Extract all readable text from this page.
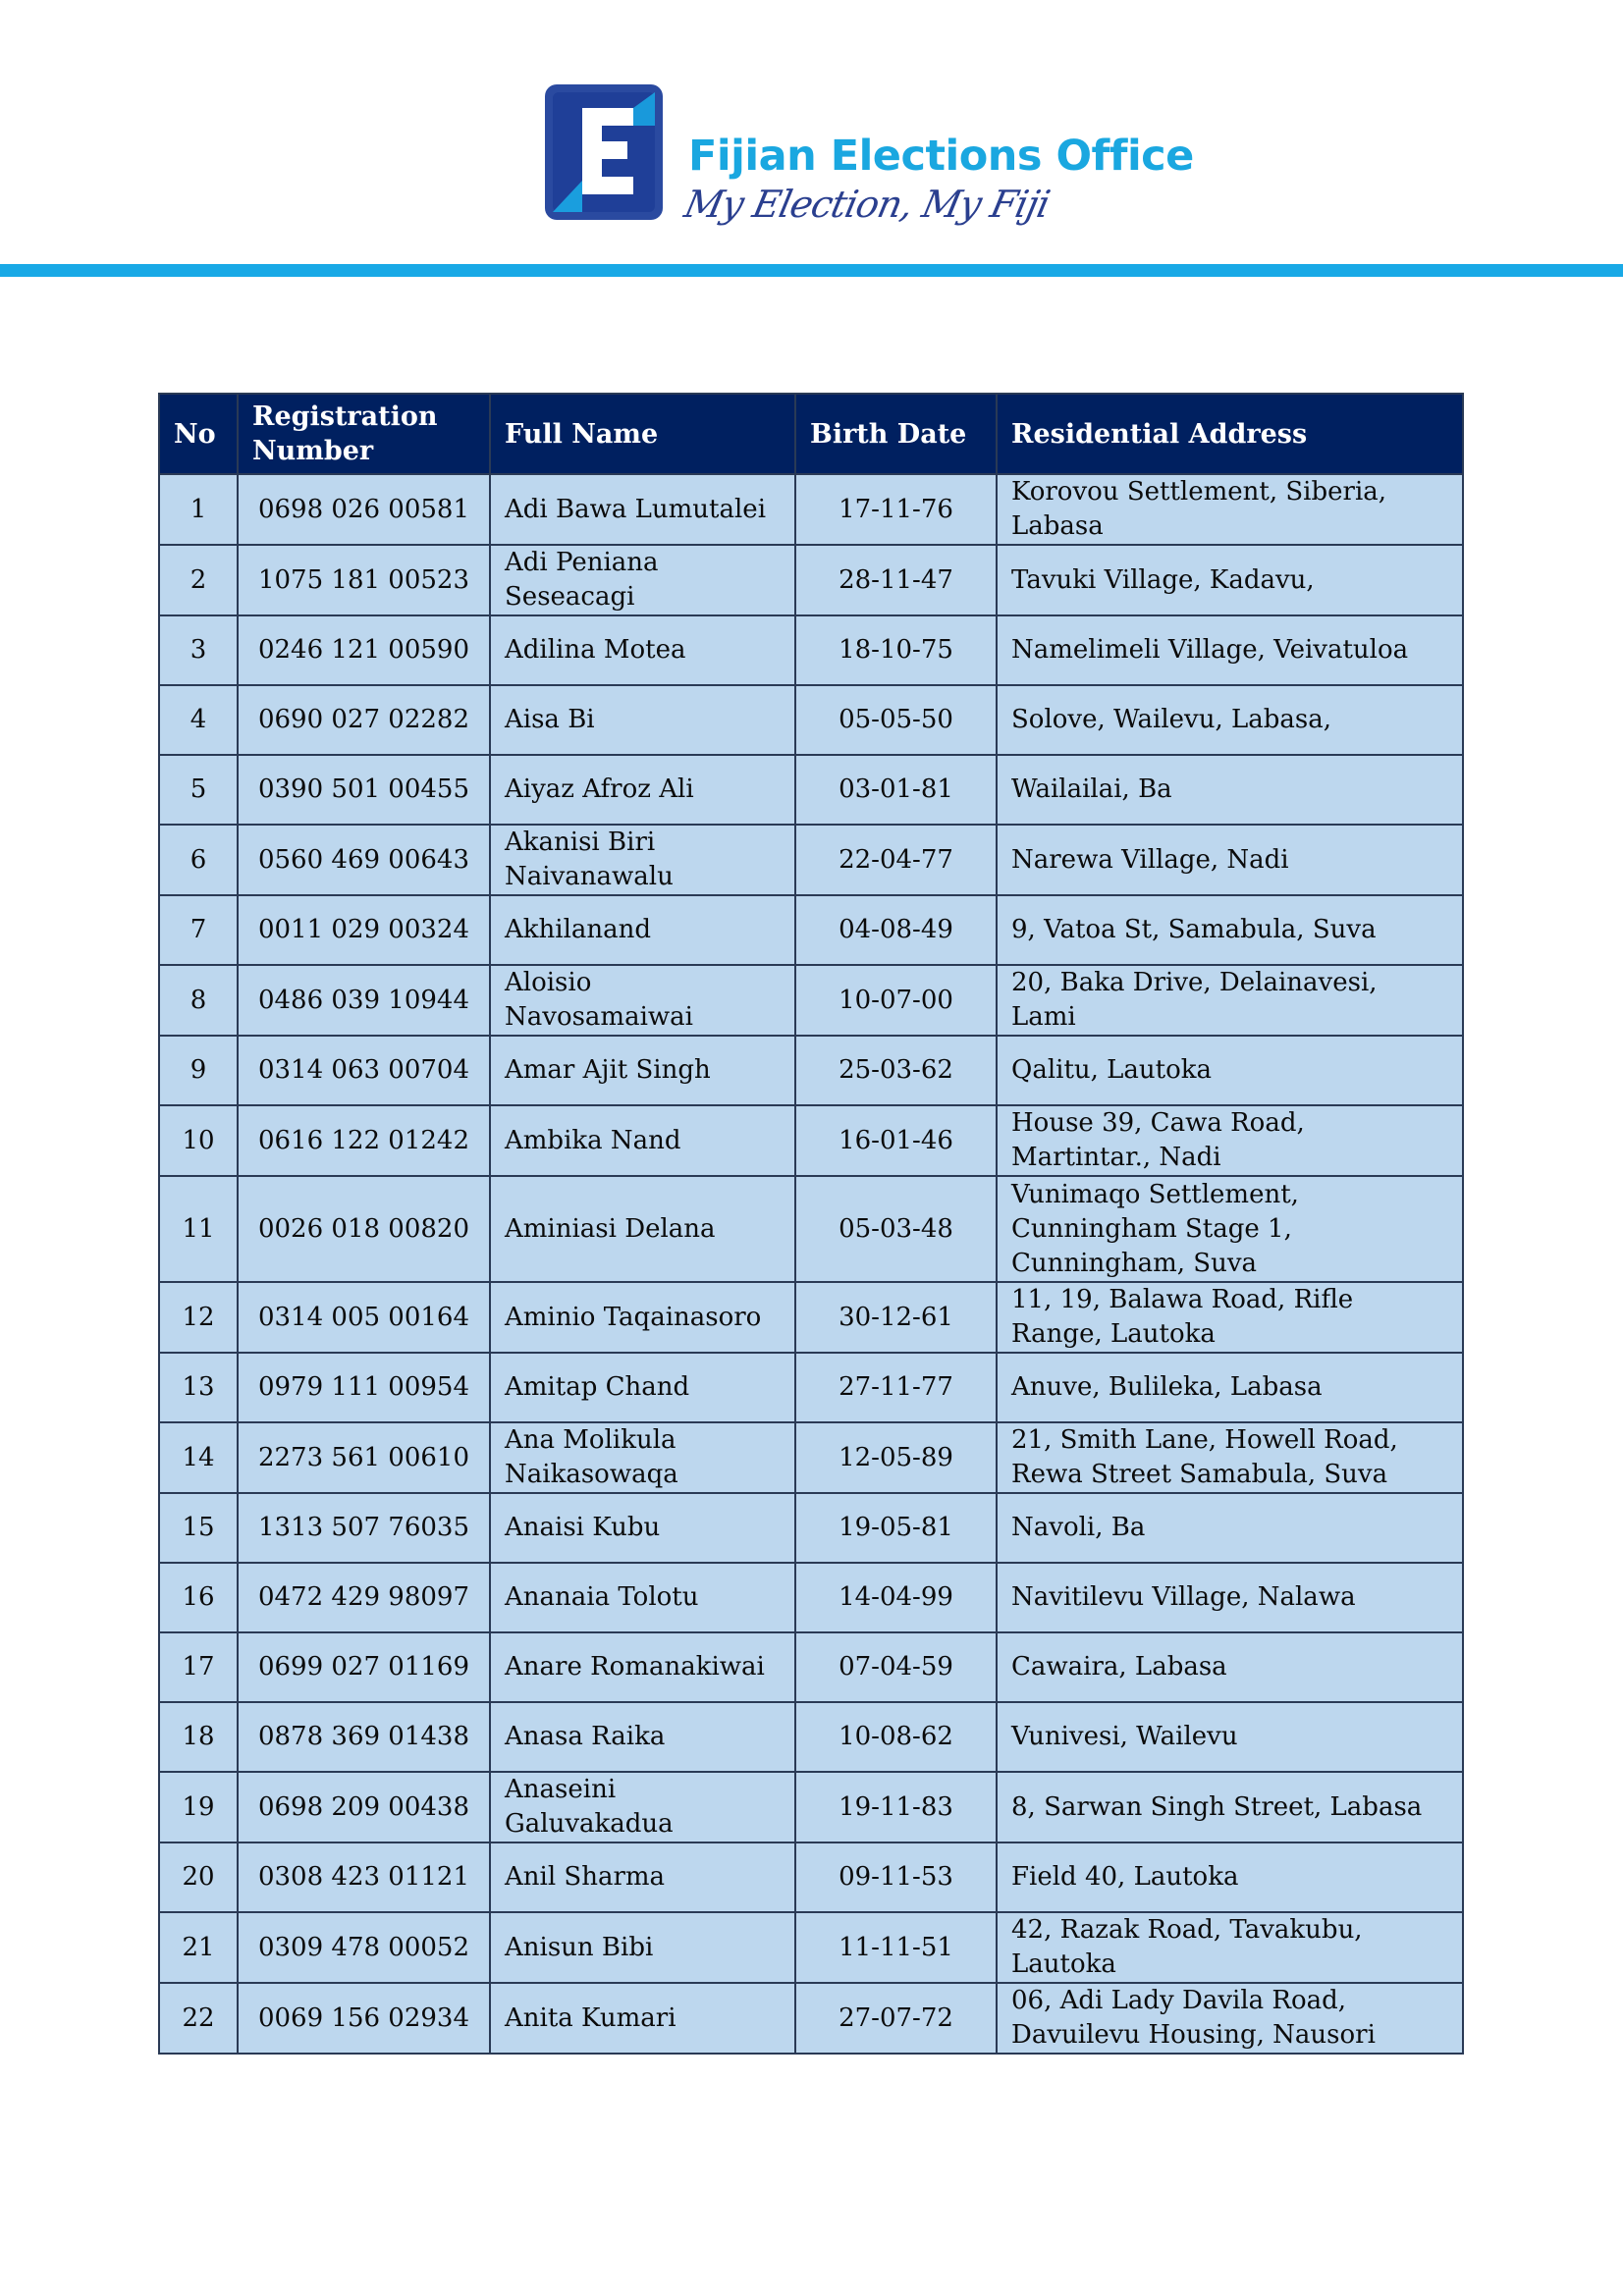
Fijian Elections Office
My Election, My Fiji
No	Registration Number	Full Name	Birth Date	Residential Address
1	0698 026 00581	Adi Bawa Lumutalei	17-11-76	Korovou Settlement, Siberia, Labasa
2	1075 181 00523	Adi Peniana Seseacagi	28-11-47	Tavuki Village, Kadavu,
3	0246 121 00590	Adilina Motea	18-10-75	Namelimeli Village, Veivatuloa
4	0690 027 02282	Aisa Bi	05-05-50	Solove, Wailevu, Labasa,
5	0390 501 00455	Aiyaz Afroz Ali	03-01-81	Wailailai, Ba
6	0560 469 00643	Akanisi Biri Naivanawalu	22-04-77	Narewa Village, Nadi
7	0011 029 00324	Akhilanand	04-08-49	9, Vatoa St, Samabula, Suva
8	0486 039 10944	Aloisio Navosamaiwai	10-07-00	20, Baka Drive, Delainavesi, Lami
9	0314 063 00704	Amar Ajit Singh	25-03-62	Qalitu, Lautoka
10	0616 122 01242	Ambika Nand	16-01-46	House 39, Cawa Road, Martintar., Nadi
11	0026 018 00820	Aminiasi Delana	05-03-48	Vunimaqo Settlement, Cunningham Stage 1, Cunningham, Suva
12	0314 005 00164	Aminio Taqainasoro	30-12-61	11, 19, Balawa Road, Rifle Range, Lautoka
13	0979 111 00954	Amitap Chand	27-11-77	Anuve, Bulileka, Labasa
14	2273 561 00610	Ana Molikula Naikasowaqa	12-05-89	21, Smith Lane, Howell Road, Rewa Street Samabula, Suva
15	1313 507 76035	Anaisi Kubu	19-05-81	Navoli, Ba
16	0472 429 98097	Ananaia Tolotu	14-04-99	Navitilevu Village, Nalawa
17	0699 027 01169	Anare Romanakiwai	07-04-59	Cawaira, Labasa
18	0878 369 01438	Anasa Raika	10-08-62	Vunivesi, Wailevu
19	0698 209 00438	Anaseini Galuvakadua	19-11-83	8, Sarwan Singh Street, Labasa
20	0308 423 01121	Anil Sharma	09-11-53	Field 40, Lautoka
21	0309 478 00052	Anisun Bibi	11-11-51	42, Razak Road, Tavakubu, Lautoka
22	0069 156 02934	Anita Kumari	27-07-72	06, Adi Lady Davila Road, Davuilevu Housing, Nausori
